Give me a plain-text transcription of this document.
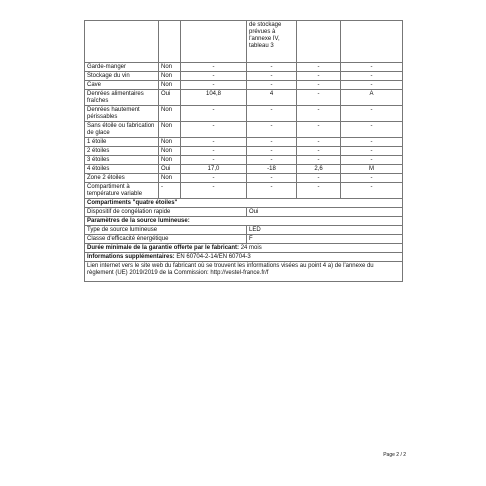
			de stockage
prévues à
l'annexe IV,
tableau 3		
Garde-manger	Non	-	-	-	-
Stockage du vin	Non	-	-	-	-
Cave	Non	-	-	-	-
Denrées alimentaires fraîches	Oui	104,8	4	-	A
Denrées hautement périssables	Non	-	-	-	-
Sans étoile ou fabrication de glace	Non	-	-	-	-
1 étoile	Non	-	-	-	-
2 étoiles	Non	-	-	-	-
3 étoiles	Non	-	-	-	-
4 étoiles	Oui	17,0	-18	2,6	M
Zone 2 étoiles	Non	-	-	-	-
Compartiment à température variable	-	-	-	-	-
Compartiments "quatre étoiles"					
Dispositif de congélation rapide			Oui		
Paramètres de la source lumineuse:					
Type de source lumineuse			LED		
Classe d'efficacité énergétique			F		
Durée minimale de la garantie offerte par le fabricant: 24 mois					
Informations supplémentaires: EN 60704-2-14/EN 60704-3					
Lien internet vers le site web du fabricant où se trouvent les informations visées au point 4 a) de l'annexe du règlement (UE) 2019/2019 de la Commission: http://vestel-france.fr/f					
Page 2 / 2
